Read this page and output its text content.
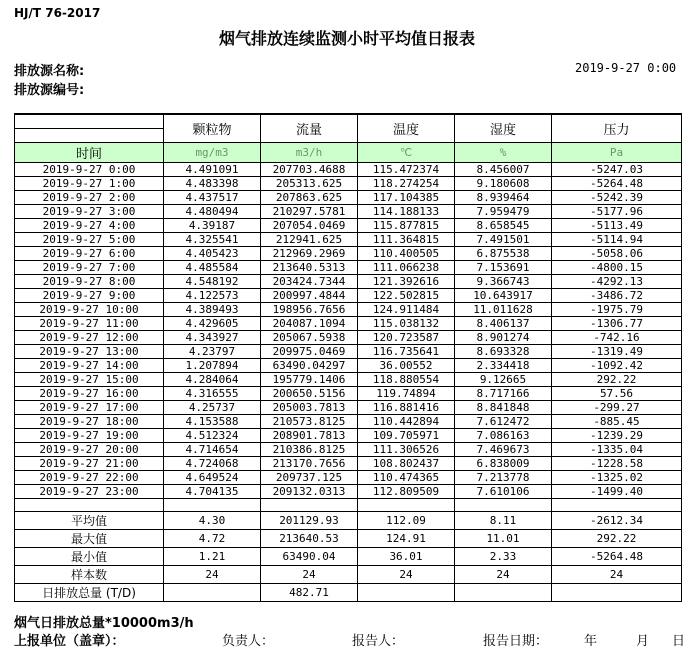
HJ/T 76-2017
烟气排放连续监测小时平均值日报表
排放源名称:
排放源编号:
2019-9-27 0:00
	颗粒物	流量	温度	湿度	压力
时间	mg/m3	m3/h	℃	%	Pa
2019-9-27 0:00	4.491091	207703.4688	115.472374	8.456007	-5247.03
2019-9-27 1:00	4.483398	205313.625	118.274254	9.180608	-5264.48
2019-9-27 2:00	4.437517	207863.625	117.104385	8.939464	-5242.39
2019-9-27 3:00	4.480494	210297.5781	114.188133	7.959479	-5177.96
2019-9-27 4:00	4.39187	207054.0469	115.877815	8.658545	-5113.49
2019-9-27 5:00	4.325541	212941.625	111.364815	7.491501	-5114.94
2019-9-27 6:00	4.405423	212969.2969	110.400505	6.875538	-5058.06
2019-9-27 7:00	4.485584	213640.5313	111.066238	7.153691	-4800.15
2019-9-27 8:00	4.548192	203424.7344	121.392616	9.366743	-4292.13
2019-9-27 9:00	4.122573	200997.4844	122.502815	10.643917	-3486.72
2019-9-27 10:00	4.389493	198956.7656	124.911484	11.011628	-1975.79
2019-9-27 11:00	4.429605	204087.1094	115.038132	8.406137	-1306.77
2019-9-27 12:00	4.343927	205067.5938	120.723587	8.901274	-742.16
2019-9-27 13:00	4.23797	209975.0469	116.735641	8.693328	-1319.49
2019-9-27 14:00	1.207894	63490.04297	36.00552	2.334418	-1092.42
2019-9-27 15:00	4.284064	195779.1406	118.880554	9.12665	292.22
2019-9-27 16:00	4.316555	200650.5156	119.74894	8.717166	57.56
2019-9-27 17:00	4.25737	205003.7813	116.881416	8.841848	-299.27
2019-9-27 18:00	4.153588	210573.8125	110.442894	7.612472	-885.45
2019-9-27 19:00	4.512324	208901.7813	109.705971	7.086163	-1239.29
2019-9-27 20:00	4.714654	210386.8125	111.306526	7.469673	-1335.04
2019-9-27 21:00	4.724068	213170.7656	108.802437	6.838009	-1228.58
2019-9-27 22:00	4.649524	209737.125	110.474365	7.213778	-1325.02
2019-9-27 23:00	4.704135	209132.0313	112.809509	7.610106	-1499.40

平均值	4.30	201129.93	112.09	8.11	-2612.34
最大值	4.72	213640.53	124.91	11.01	292.22
最小值	1.21	63490.04	36.01	2.33	-5264.48
样本数	24	24	24	24	24
日排放总量 (T/D)		482.71			
烟气日排放总量*10000m3/h
上报单位（盖章）：	负责人：	报告人：	报告日期：	年	月 日
